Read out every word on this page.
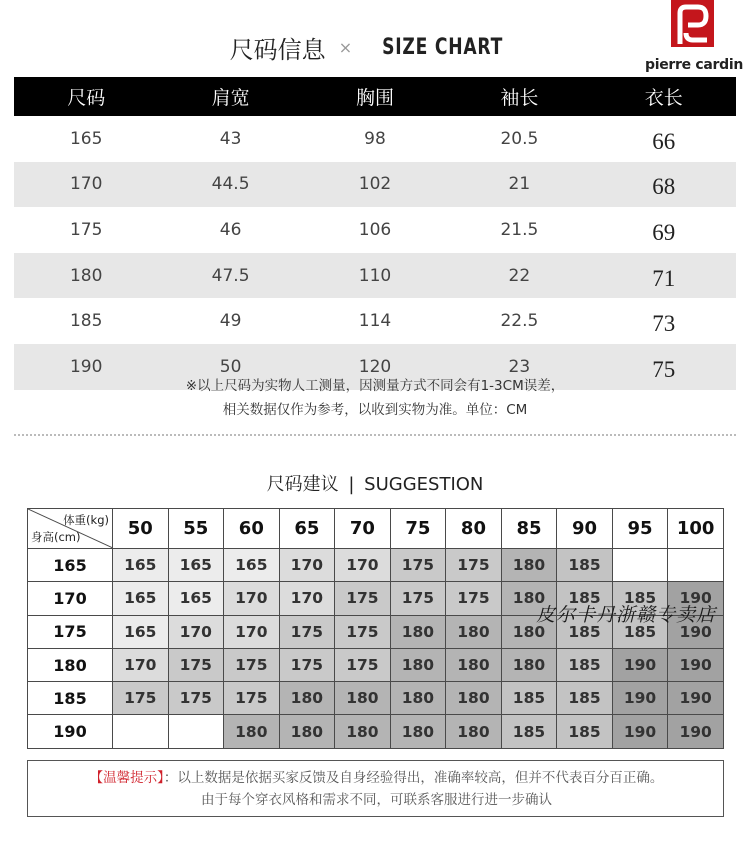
尺码信息 × SIZE CHART
pierre cardin
尺码	肩宽	胸围	袖长	衣长
165	43	98	20.5	66
170	44.5	102	21	68
175	46	106	21.5	69
180	47.5	110	22	71
185	49	114	22.5	73
190	50	120	23	75
※以上尺码为实物人工测量，因测量方式不同会有1-3CM误差，
相关数据仅作为参考，以收到实物为准。单位：CM
尺码建议 | SUGGESTION
体重(kg)
身高(cm)	50	55	60	65	70	75	80	85	90	95	100
165	165	165	165	170	170	175	175	180	185		
170	165	165	170	170	175	175	175	180	185	185	190
175	165	170	170	175	175	180	180	180	185	185	190
180	170	175	175	175	175	180	180	180	185	190	190
185	175	175	175	180	180	180	180	185	185	190	190
190			180	180	180	180	180	185	185	190	190
皮尔卡丹浙赣专卖店
【温馨提示】：以上数据是依据买家反馈及自身经验得出，准确率较高，但并不代表百分百正确。
由于每个穿衣风格和需求不同，可联系客服进行进一步确认
